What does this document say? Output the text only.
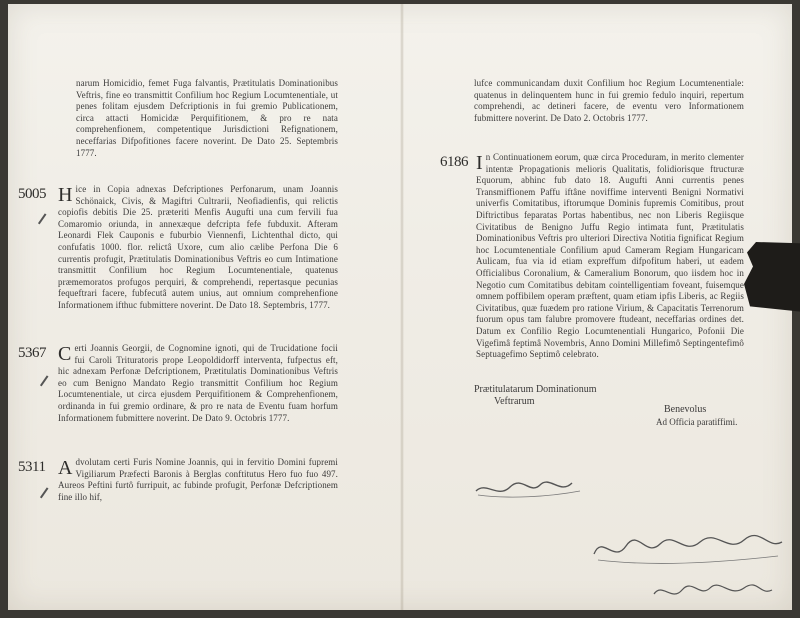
narum Homicidio, femet Fuga falvantis, Prætitulatis Dominationibus Veftris, fine eo transmittit Confilium hoc Regium Locumtenentiale, ut penes folitam ejusdem Defcriptionis in fui gremio Publicationem, circa attacti Homicidæ Perquifitionem, & pro re nata comprehenfionem, competentique Jurisdictioni Refignationem, neceffarias Difpofitiones facere noverint. De Dato 25. Septembris 1777.

5005 Hice in Copia adnexas Defcriptiones Perfonarum, unam Joannis Schönaick, Civis, & Magiftri Cultrarii, Neofiadienfis, qui relictis copiofis debitis Die 25. præteriti Menfis Augufti una cum fervili fua Comaromio oriunda, in annexæque defcripta fefe fubduxit. Afteram Leonardi Flek Cauponis e fuburbio Viennenfi, Lichtenthal dicto, qui confufatis 1000. flor. relictâ Uxore, cum alio cælibe Perfona Die 6 currentis profugit, Prætitulatis Dominationibus Veftris eo cum Intimatione transmittit Confilium hoc Regium Locumtenentiale, quatenus præmemoratos profugos perquiri, & comprehendi, repertasque pecunias fequeftrari facere, fubfecutâ autem unius, aut omnium comprehenfione Informationem ifthuc fubmittere noverint. De Dato 18. Septembris, 1777.

5367 Certi Joannis Georgii, de Cognomine ignoti, qui de Trucidatione focii fui Caroli Trituratoris prope Leopoldidorff interventa, fufpectus eft, hic adnexam Perfonæ Defcriptionem, Prætitulatis Dominationibus Veftris eo cum Benigno Mandato Regio transmittit Confilium hoc Regium Locumtenentiale, ut circa ejusdem Perquifitionem & Comprehenfionem, ordinanda in fui gremio ordinare, & pro re nata de Eventu fuam horfum Informationem fubmittere noverint. De Dato 9. Octobris 1777.

5311 Advolutam certi Furis Nomine Joannis, qui in fervitio Domini fupremi Vigiliarum Præfecti Baronis à Berglas conftitutus Hero fuo fuo 497. Aureos Peftini furtô furripuit, ac fubinde profugit, Perfonæ Defcriptionem fine illo hif,

lufce communicandam duxit Confilium hoc Regium Locumtenentiale: quatenus in delinquentem hunc in fui gremio fedulo inquiri, repertum comprehendi, ac detineri facere, de eventu vero Informationem fubmittere noverint. De Dato 2. Octobris 1777.

6186 In Continuationem eorum, quæ circa Proceduram, in merito clementer intentæ Propagationis melioris Qualitatis, folidiorisque ftructuræ Equorum, abhinc fub dato 18. Augufti Anni currentis penes Transmiffionem Paffu iftâne noviffime interventi Benigni Normativi univerfis Comitatibus, iftorumque Dominis fupremis Comitibus, prout Diftrictibus feparatas Portas habentibus, nec non Liberis Regiisque Civitatibus de Benigno Juffu Regio intimata funt, Prætitulatis Dominationibus Veftris pro ulteriori Directiva Notitia fignificat Regium hoc Locumtenentiale Confilium apud Cameram Regiam Hungaricam Aulicam, fua via id etiam expreffum difpofitum haberi, ut eadem Officialibus Coronalium, & Cameralium Bonorum, quo iisdem hoc in Negotio cum Comitatibus debitam cointelligentiam foveant, fuisemque omnem poffibilem operam præftent, quam etiam ipfis Liberis, ac Regiis Civitatibus, quæ fuædem pro ratione Virium, & Capacitatis Terrenorum fuorum opus tam falubre promovere ftudeant, neceffarias ordines det. Datum ex Confilio Regio Locumtenentiali Hungarico, Pofonii Die Vigefimâ feptimâ Novembris, Anno Domini Millefimô Septingentefimô Septuagefimo Septimô celebrato.

Prætitulatarum Dominationum
Veftrarum
Benevolus
Ad Officia paratiffimi.
